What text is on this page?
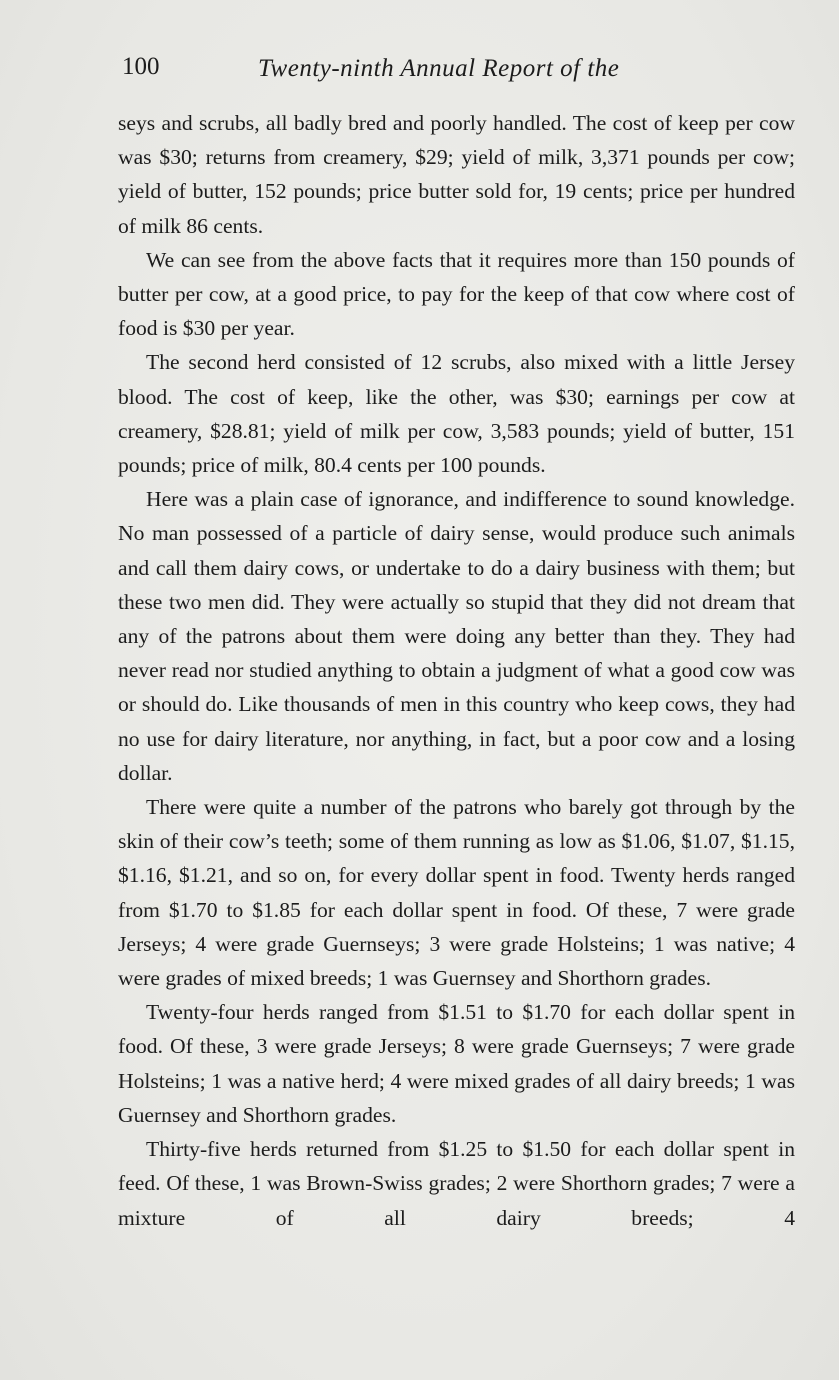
100	Twenty-ninth Annual Report of the

seys and scrubs, all badly bred and poorly handled. The cost of keep per cow was $30; returns from creamery, $29; yield of milk, 3,371 pounds per cow; yield of butter, 152 pounds; price butter sold for, 19 cents; price per hundred of milk 86 cents.

We can see from the above facts that it requires more than 150 pounds of butter per cow, at a good price, to pay for the keep of that cow where cost of food is $30 per year.

The second herd consisted of 12 scrubs, also mixed with a little Jersey blood. The cost of keep, like the other, was $30; earnings per cow at creamery, $28.81; yield of milk per cow, 3,583 pounds; yield of butter, 151 pounds; price of milk, 80.4 cents per 100 pounds.

Here was a plain case of ignorance, and indifference to sound knowledge. No man possessed of a particle of dairy sense, would produce such animals and call them dairy cows, or undertake to do a dairy business with them; but these two men did. They were actually so stupid that they did not dream that any of the patrons about them were doing any better than they. They had never read nor studied anything to obtain a judgment of what a good cow was or should do. Like thousands of men in this country who keep cows, they had no use for dairy literature, nor anything, in fact, but a poor cow and a losing dollar.

There were quite a number of the patrons who barely got through by the skin of their cow’s teeth; some of them running as low as $1.06, $1.07, $1.15, $1.16, $1.21, and so on, for every dollar spent in food. Twenty herds ranged from $1.70 to $1.85 for each dollar spent in food. Of these, 7 were grade Jerseys; 4 were grade Guernseys; 3 were grade Holsteins; 1 was native; 4 were grades of mixed breeds; 1 was Guernsey and Shorthorn grades.

Twenty-four herds ranged from $1.51 to $1.70 for each dollar spent in food. Of these, 3 were grade Jerseys; 8 were grade Guernseys; 7 were grade Holsteins; 1 was a native herd; 4 were mixed grades of all dairy breeds; 1 was Guernsey and Shorthorn grades.

Thirty-five herds returned from $1.25 to $1.50 for each dollar spent in feed. Of these, 1 was Brown-Swiss grades; 2 were Shorthorn grades; 7 were a mixture of all dairy breeds; 4
